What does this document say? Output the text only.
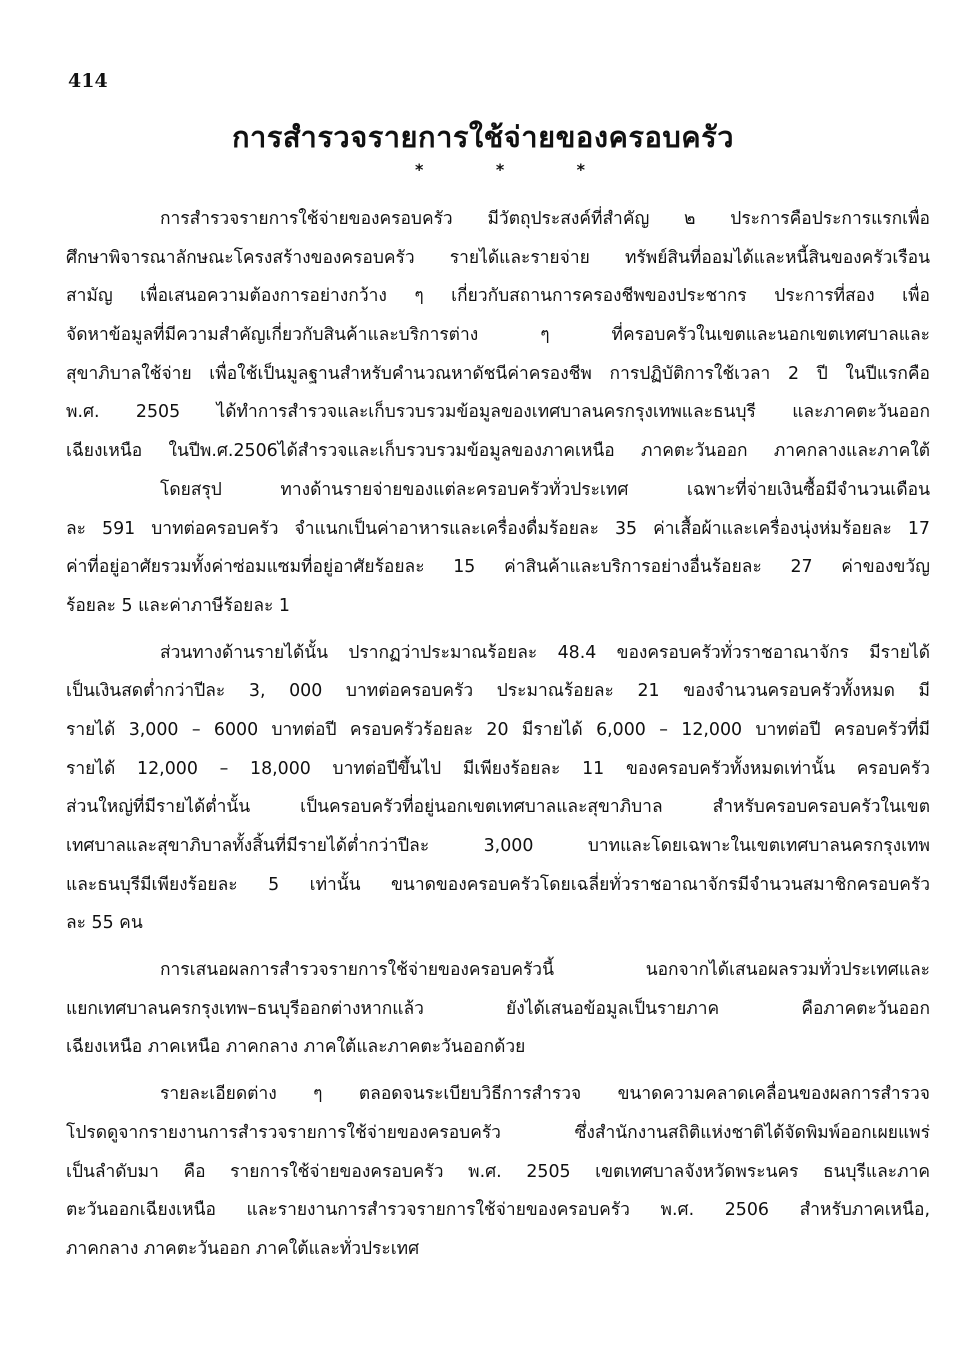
414
การสำรวจรายการใช้จ่ายของครอบครัว
*	*	*
การสำรวจรายการใช้จ่ายของครอบครัว มีวัตถุประสงค์ที่สำคัญ ๒ ประการคือประการแรกเพื่อ
ศึกษาพิจารณาลักษณะโครงสร้างของครอบครัว รายได้และรายจ่าย ทรัพย์สินที่ออมได้และหนี้สินของครัวเรือน
สามัญ เพื่อเสนอความต้องการอย่างกว้าง ๆ เกี่ยวกับสถานการครองชีพของประชากร ประการที่สอง เพื่อ
จัดหาข้อมูลที่มีความสำคัญเกี่ยวกับสินค้าและบริการต่าง ๆ ที่ครอบครัวในเขตและนอกเขตเทศบาลและ
สุขาภิบาลใช้จ่าย เพื่อใช้เป็นมูลฐานสำหรับคำนวณหาดัชนีค่าครองชีพ การปฏิบัติการใช้เวลา 2 ปี ในปีแรกคือ
พ.ศ. 2505 ได้ทำการสำรวจและเก็บรวบรวมข้อมูลของเทศบาลนครกรุงเทพและธนบุรี และภาคตะวันออก
เฉียงเหนือ ในปีพ.ศ.2506ได้สำรวจและเก็บรวบรวมข้อมูลของภาคเหนือ ภาคตะวันออก ภาคกลางและภาคใต้
โดยสรุป ทางด้านรายจ่ายของแต่ละครอบครัวทั่วประเทศ เฉพาะที่จ่ายเงินซื้อมีจำนวนเดือน
ละ 591 บาทต่อครอบครัว จำแนกเป็นค่าอาหารและเครื่องดื่มร้อยละ 35 ค่าเสื้อผ้าและเครื่องนุ่งห่มร้อยละ 17
ค่าที่อยู่อาศัยรวมทั้งค่าซ่อมแซมที่อยู่อาศัยร้อยละ 15 ค่าสินค้าและบริการอย่างอื่นร้อยละ 27 ค่าของขวัญ
ร้อยละ 5 และค่าภาษีร้อยละ 1
ส่วนทางด้านรายได้นั้น ปรากฏว่าประมาณร้อยละ 48.4 ของครอบครัวทั่วราชอาณาจักร มีรายได้
เป็นเงินสดต่ำกว่าปีละ 3, 000 บาทต่อครอบครัว ประมาณร้อยละ 21 ของจำนวนครอบครัวทั้งหมด มี
รายได้ 3,000 – 6000 บาทต่อปี ครอบครัวร้อยละ 20 มีรายได้ 6,000 – 12,000 บาทต่อปี ครอบครัวที่มี
รายได้ 12,000 – 18,000 บาทต่อปีขึ้นไป มีเพียงร้อยละ 11 ของครอบครัวทั้งหมดเท่านั้น ครอบครัว
ส่วนใหญ่ที่มีรายได้ต่ำนั้น เป็นครอบครัวที่อยู่นอกเขตเทศบาลและสุขาภิบาล สำหรับครอบครอบครัวในเขต
เทศบาลและสุขาภิบาลทั้งสิ้นที่มีรายได้ต่ำกว่าปีละ 3,000 บาทและโดยเฉพาะในเขตเทศบาลนครกรุงเทพ
และธนบุรีมีเพียงร้อยละ 5 เท่านั้น ขนาดของครอบครัวโดยเฉลี่ยทั่วราชอาณาจักรมีจำนวนสมาชิกครอบครัว
ละ 55 คน
การเสนอผลการสำรวจรายการใช้จ่ายของครอบครัวนี้ นอกจากได้เสนอผลรวมทั่วประเทศและ
แยกเทศบาลนครกรุงเทพ–ธนบุรีออกต่างหากแล้ว ยังได้เสนอข้อมูลเป็นรายภาค คือภาคตะวันออก
เฉียงเหนือ ภาคเหนือ ภาคกลาง ภาคใต้และภาคตะวันออกด้วย
รายละเอียดต่าง ๆ ตลอดจนระเบียบวิธีการสำรวจ ขนาดความคลาดเคลื่อนของผลการสำรวจ
โปรดดูจากรายงานการสำรวจรายการใช้จ่ายของครอบครัว ซึ่งสำนักงานสถิติแห่งชาติได้จัดพิมพ์ออกเผยแพร่
เป็นลำดับมา คือ รายการใช้จ่ายของครอบครัว พ.ศ. 2505 เขตเทศบาลจังหวัดพระนคร ธนบุรีและภาค
ตะวันออกเฉียงเหนือ และรายงานการสำรวจรายการใช้จ่ายของครอบครัว พ.ศ. 2506 สำหรับภาคเหนือ,
ภาคกลาง ภาคตะวันออก ภาคใต้และทั่วประเทศ
